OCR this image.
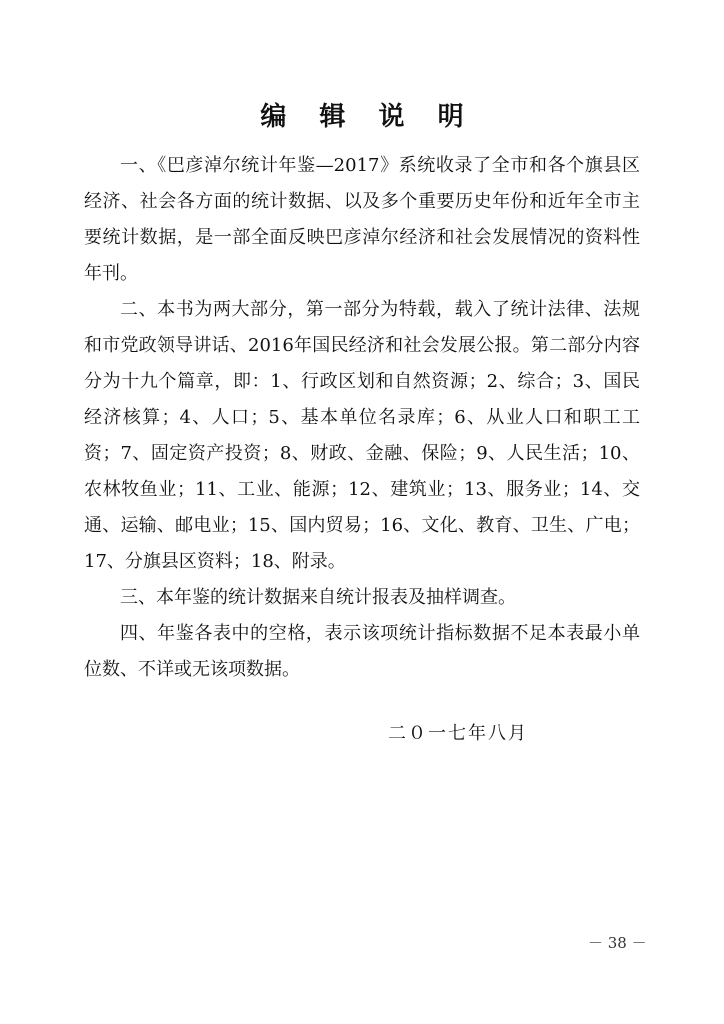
编 辑 说 明

一、《巴彦淖尔统计年鉴—2017》系统收录了全市和各个旗县区经济、社会各方面的统计数据、以及多个重要历史年份和近年全市主要统计数据，是一部全面反映巴彦淖尔经济和社会发展情况的资料性年刊。

二、本书为两大部分，第一部分为特载，载入了统计法律、法规和市党政领导讲话、2016年国民经济和社会发展公报。第二部分内容分为十九个篇章，即：1、行政区划和自然资源；2、综合；3、国民经济核算；4、人口；5、基本单位名录库；6、从业人口和职工工资；7、固定资产投资；8、财政、金融、保险；9、人民生活；10、农林牧鱼业；11、工业、能源；12、建筑业；13、服务业；14、交通、运输、邮电业；15、国内贸易；16、文化、教育、卫生、广电；17、分旗县区资料；18、附录。

三、本年鉴的统计数据来自统计报表及抽样调查。

四、年鉴各表中的空格，表示该项统计指标数据不足本表最小单位数、不详或无该项数据。

二０一七年八月
－ 38 －
